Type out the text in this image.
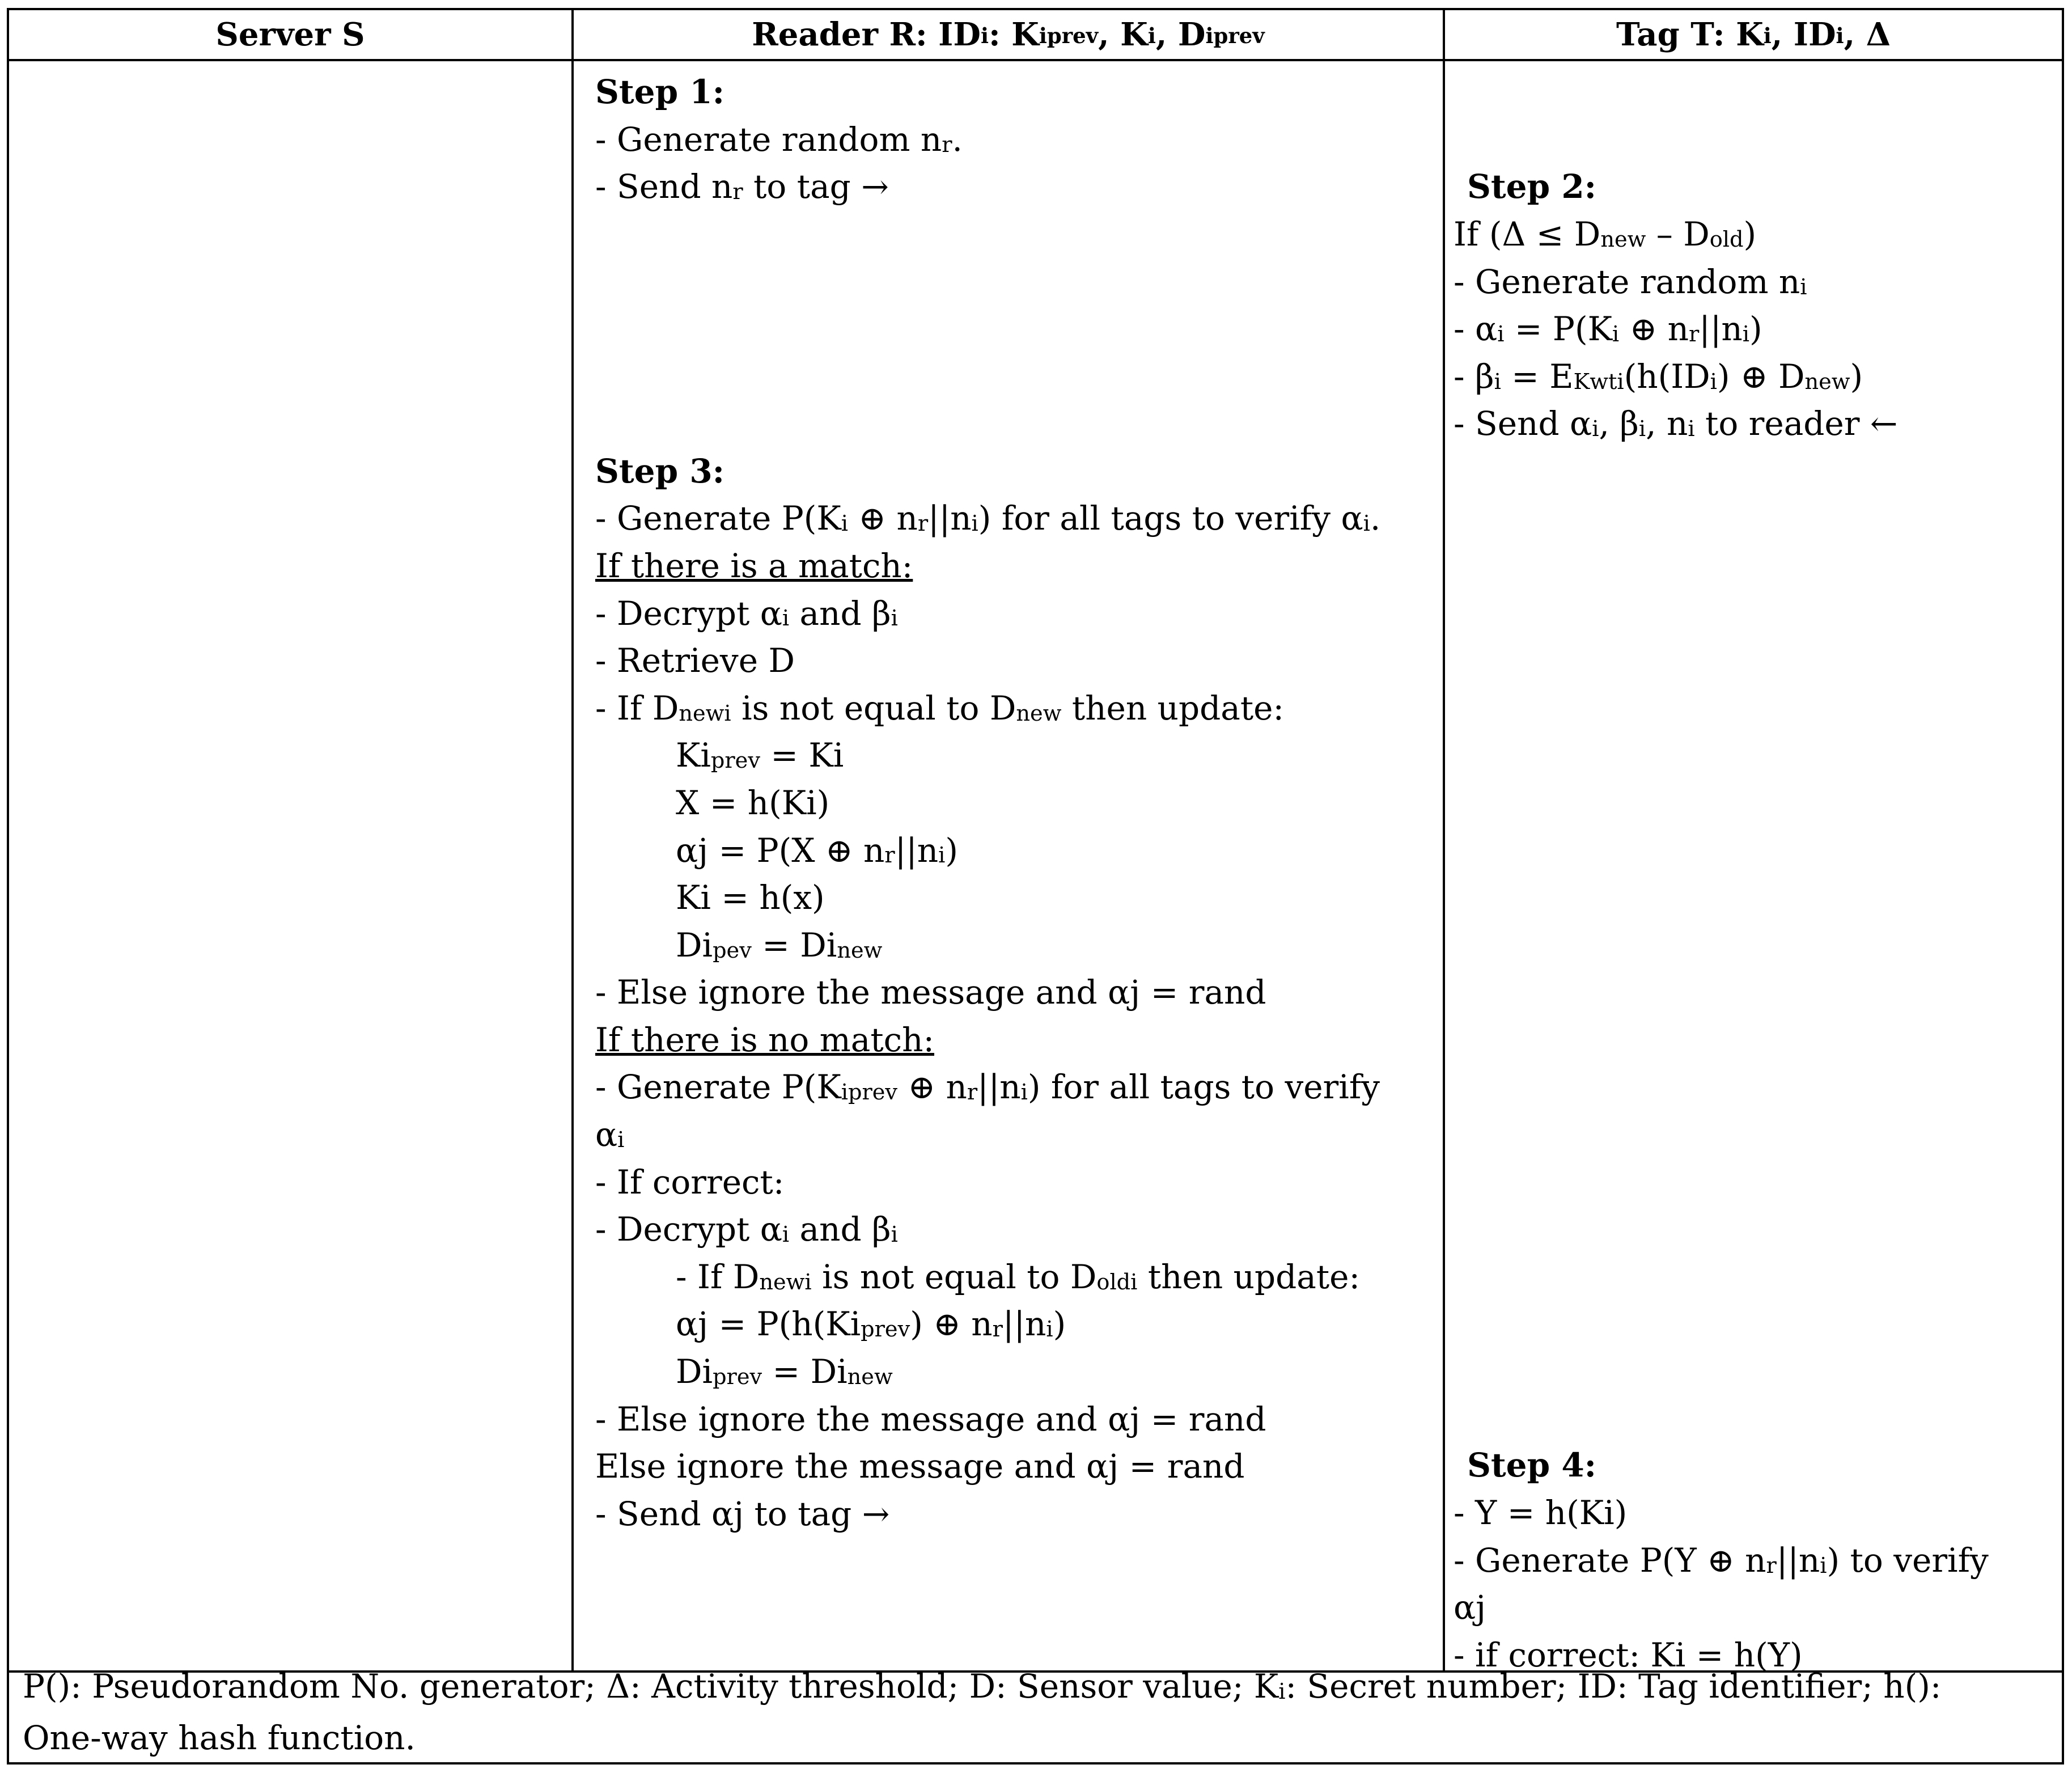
Server S	Reader R: $ID_i$ : $K_{iprev}$ , $K_i$ , $D_{iprev}$	Tag T: $K_i$ , $ID_i$ , Δ
Step 1:
- Generate random $n_r$.
- Send $n_r$ to tag →
Step 3:
- Generate $P(K_i$ ⊕ $n_r||n_i$) for all tags to verify $\alpha_i$.
If there is a match:
- Decrypt $\alpha_i$ and $\beta_i$
- Retrieve D
- If $D_{newi}$ is not equal to $D_{new}$ then update:
$Ki_{prev} = Ki$
X = h(Ki)
αj = P(X ⊕ $n_r||n_i$)
Ki = h(x)
$Di_{pev} = Di_{new}$
- Else ignore the message and αj = rand
If there is no match:
- Generate $P(K_{iprev}$ ⊕ $n_r||n_i$) for all tags to verify
$\alpha_i$
- If correct:
- Decrypt $\alpha_i$ and $\beta_i$
- If $D_{newi}$ is not equal to $D_{oldi}$ then update:
$\alpha j = P(h(Ki_{prev})$ ⊕ $n_r||n_i$)
$Di_{prev} = Di_{new}$
- Else ignore the message and αj = rand
Else ignore the message and αj = rand
- Send αj to tag →
Step 2:
If $(\Delta \le D_{new} - D_{old})$
- Generate random $n_i$
- $\alpha_i = P(K_i$ ⊕ $n_r||n_i$)
- $\beta_i = E_{Kwti}(h(ID_i)$ ⊕ $D_{new}$)
- Send $\alpha_i$, $\beta_i$, $n_i$ to reader ←
Step 4:
- Y = h(Ki)
- Generate P(Y ⊕ $n_r||n_i$) to verify
αj
- if correct: Ki = h(Y)
P(): Pseudorandom No. generator; Δ: Activity threshold; D: Sensor value; $K_i$: Secret number; ID: Tag identifier; h():
One-way hash function.
